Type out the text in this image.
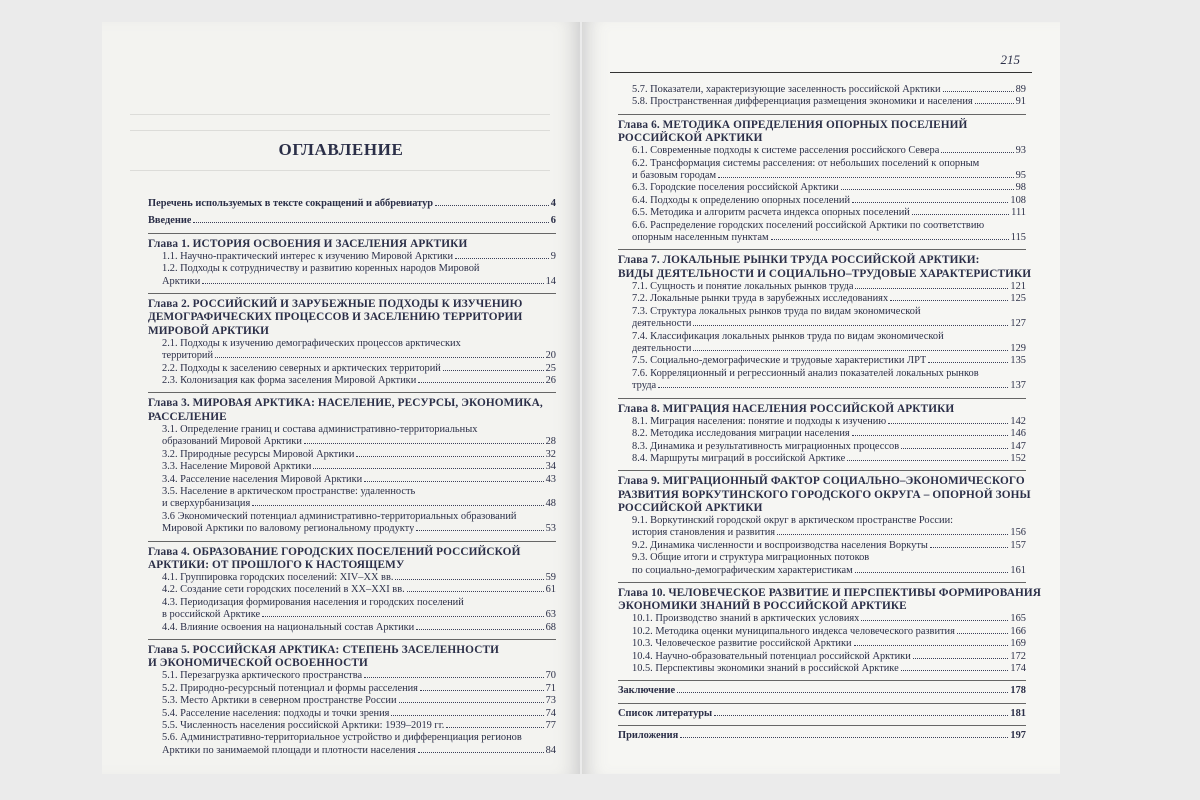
ОГЛАВЛЕНИЕ
Перечень используемых в тексте сокращений и аббревиатур	4
Введение	6
Глава 1. ИСТОРИЯ ОСВОЕНИЯ И ЗАСЕЛЕНИЯ АРКТИКИ
1.1. Научно-практический интерес к изучению Мировой Арктики	9
1.2. Подходы к сотрудничеству и развитию коренных народов Мировой
Арктики	14
Глава 2. РОССИЙСКИЙ И ЗАРУБЕЖНЫЕ ПОДХОДЫ К ИЗУЧЕНИЮ
ДЕМОГРАФИЧЕСКИХ ПРОЦЕССОВ И ЗАСЕЛЕНИЮ ТЕРРИТОРИИ
МИРОВОЙ АРКТИКИ
2.1. Подходы к изучению демографических процессов арктических
территорий	20
2.2. Подходы к заселению северных и арктических территорий	25
2.3. Колонизация как форма заселения Мировой Арктики	26
Глава 3. МИРОВАЯ АРКТИКА: НАСЕЛЕНИЕ, РЕСУРСЫ, ЭКОНОМИКА,
РАССЕЛЕНИЕ
3.1. Определение границ и состава административно-территориальных
образований Мировой Арктики	28
3.2. Природные ресурсы Мировой Арктики	32
3.3. Население Мировой Арктики	34
3.4. Расселение населения Мировой Арктики	43
3.5. Население в арктическом пространстве: удаленность
и сверхурбанизация	48
3.6 Экономический потенциал административно-территориальных образований
Мировой Арктики по валовому региональному продукту	53
Глава 4. ОБРАЗОВАНИЕ ГОРОДСКИХ ПОСЕЛЕНИЙ РОССИЙСКОЙ
АРКТИКИ: ОТ ПРОШЛОГО К НАСТОЯЩЕМУ
4.1. Группировка городских поселений: XIV–XX вв.	59
4.2. Создание сети городских поселений в XX–XXI вв.	61
4.3. Периодизация формирования населения и городских поселений
в российской Арктике	63
4.4. Влияние освоения на национальный состав Арктики	68
Глава 5. РОССИЙСКАЯ АРКТИКА: СТЕПЕНЬ ЗАСЕЛЕННОСТИ
И ЭКОНОМИЧЕСКОЙ ОСВОЕННОСТИ
5.1. Перезагрузка арктического пространства	70
5.2. Природно-ресурсный потенциал и формы расселения	71
5.3. Место Арктики в северном пространстве России	73
5.4. Расселение населения: подходы и точки зрения	74
5.5. Численность населения российской Арктики: 1939–2019 гг.	77
5.6. Административно-территориальное устройство и дифференциация регионов
Арктики по занимаемой площади и плотности населения	84
215
5.7. Показатели, характеризующие заселенность российской Арктики	89
5.8. Пространственная дифференциация размещения экономики и населения	91
Глава 6. МЕТОДИКА ОПРЕДЕЛЕНИЯ ОПОРНЫХ ПОСЕЛЕНИЙ
РОССИЙСКОЙ АРКТИКИ
6.1. Современные подходы к системе расселения российского Севера	93
6.2. Трансформация системы расселения: от небольших поселений к опорным
и базовым городам	95
6.3. Городские поселения российской Арктики	98
6.4. Подходы к определению опорных поселений	108
6.5. Методика и алгоритм расчета индекса опорных поселений	111
6.6. Распределение городских поселений российской Арктики по соответствию
опорным населенным пунктам	115
Глава 7. ЛОКАЛЬНЫЕ РЫНКИ ТРУДА РОССИЙСКОЙ АРКТИКИ:
ВИДЫ ДЕЯТЕЛЬНОСТИ И СОЦИАЛЬНО–ТРУДОВЫЕ ХАРАКТЕРИСТИКИ
7.1. Сущность и понятие локальных рынков труда	121
7.2. Локальные рынки труда в зарубежных исследованиях	125
7.3. Структура локальных рынков труда по видам экономической
деятельности	127
7.4. Классификация локальных рынков труда по видам экономической
деятельности	129
7.5. Социально-демографические и трудовые характеристики ЛРТ	135
7.6. Корреляционный и регрессионный анализ показателей локальных рынков
труда	137
Глава 8. МИГРАЦИЯ НАСЕЛЕНИЯ РОССИЙСКОЙ АРКТИКИ
8.1. Миграция населения: понятие и подходы к изучению	142
8.2. Методика исследования миграции населения	146
8.3. Динамика и результативность миграционных процессов	147
8.4. Маршруты миграций в российской Арктике	152
Глава 9. МИГРАЦИОННЫЙ ФАКТОР СОЦИАЛЬНО–ЭКОНОМИЧЕСКОГО
РАЗВИТИЯ ВОРКУТИНСКОГО ГОРОДСКОГО ОКРУГА – ОПОРНОЙ ЗОНЫ
РОССИЙСКОЙ АРКТИКИ
9.1. Воркутинский городской округ в арктическом пространстве России:
история становления и развития	156
9.2. Динамика численности и воспроизводства населения Воркуты	157
9.3. Общие итоги и структура миграционных потоков
по социально-демографическим характеристикам	161
Глава 10. ЧЕЛОВЕЧЕСКОЕ РАЗВИТИЕ И ПЕРСПЕКТИВЫ ФОРМИРОВАНИЯ
ЭКОНОМИКИ ЗНАНИЙ В РОССИЙСКОЙ АРКТИКЕ
10.1. Производство знаний в арктических условиях	165
10.2. Методика оценки муниципального индекса человеческого развития	166
10.3. Человеческое развитие российской Арктики	169
10.4. Научно-образовательный потенциал российской Арктики	172
10.5. Перспективы экономики знаний в российской Арктике	174
Заключение	178
Список литературы	181
Приложения	197
